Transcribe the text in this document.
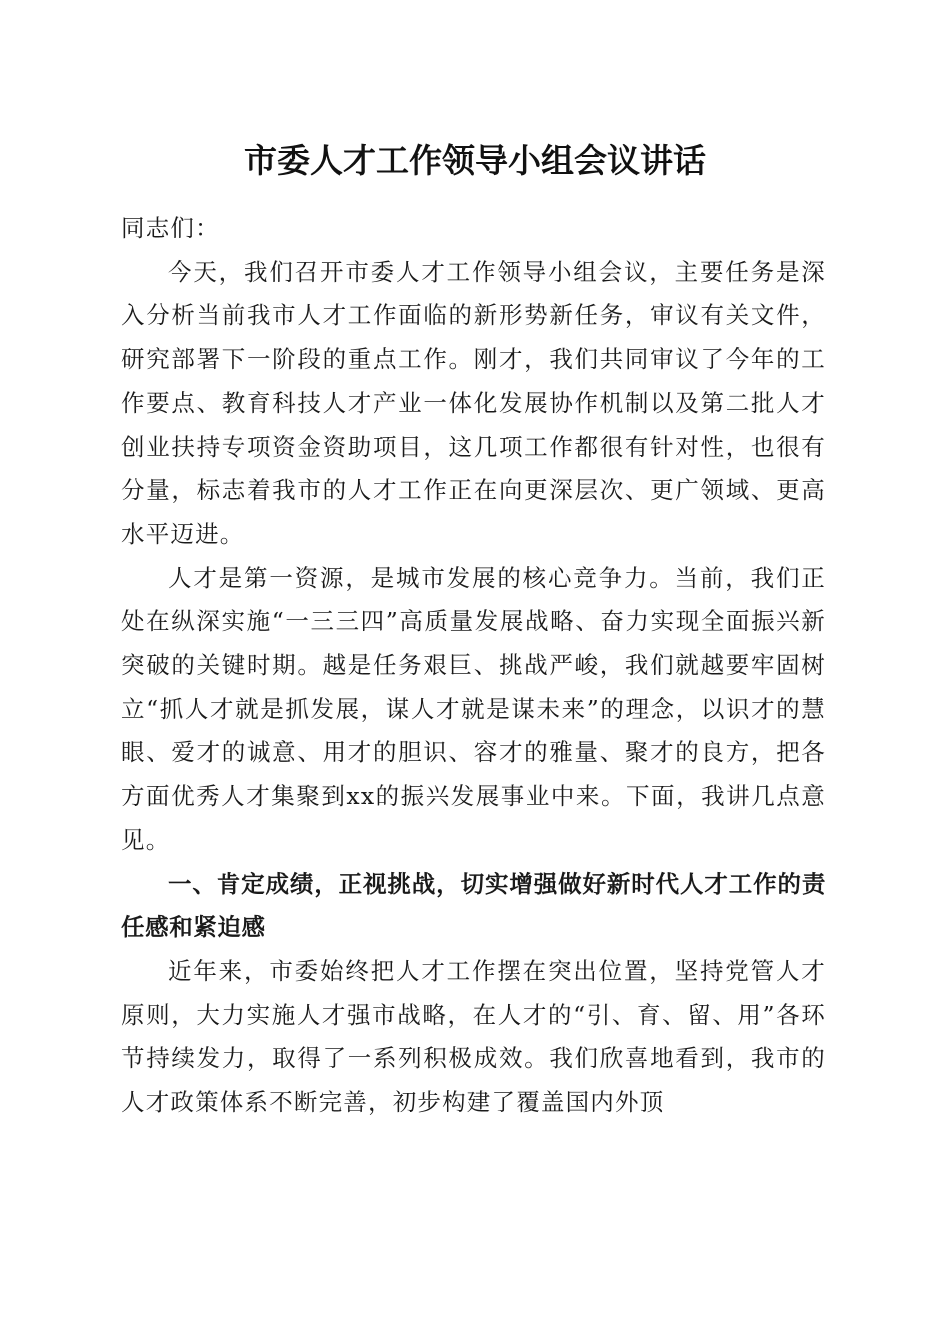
市委人才工作领导小组会议讲话

同志们：

今天，我们召开市委人才工作领导小组会议，主要任务是深入分析当前我市人才工作面临的新形势新任务，审议有关文件，研究部署下一阶段的重点工作。刚才，我们共同审议了今年的工作要点、教育科技人才产业一体化发展协作机制以及第二批人才创业扶持专项资金资助项目，这几项工作都很有针对性，也很有分量，标志着我市的人才工作正在向更深层次、更广领域、更高水平迈进。

人才是第一资源，是城市发展的核心竞争力。当前，我们正处在纵深实施“一三三四”高质量发展战略、奋力实现全面振兴新突破的关键时期。越是任务艰巨、挑战严峻，我们就越要牢固树立“抓人才就是抓发展，谋人才就是谋未来”的理念，以识才的慧眼、爱才的诚意、用才的胆识、容才的雅量、聚才的良方，把各方面优秀人才集聚到xx的振兴发展事业中来。下面，我讲几点意见。

一、肯定成绩，正视挑战，切实增强做好新时代人才工作的责任感和紧迫感

近年来，市委始终把人才工作摆在突出位置，坚持党管人才原则，大力实施人才强市战略，在人才的“引、育、留、用”各环节持续发力，取得了一系列积极成效。我们欣喜地看到，我市的人才政策体系不断完善，初步构建了覆盖国内外顶
